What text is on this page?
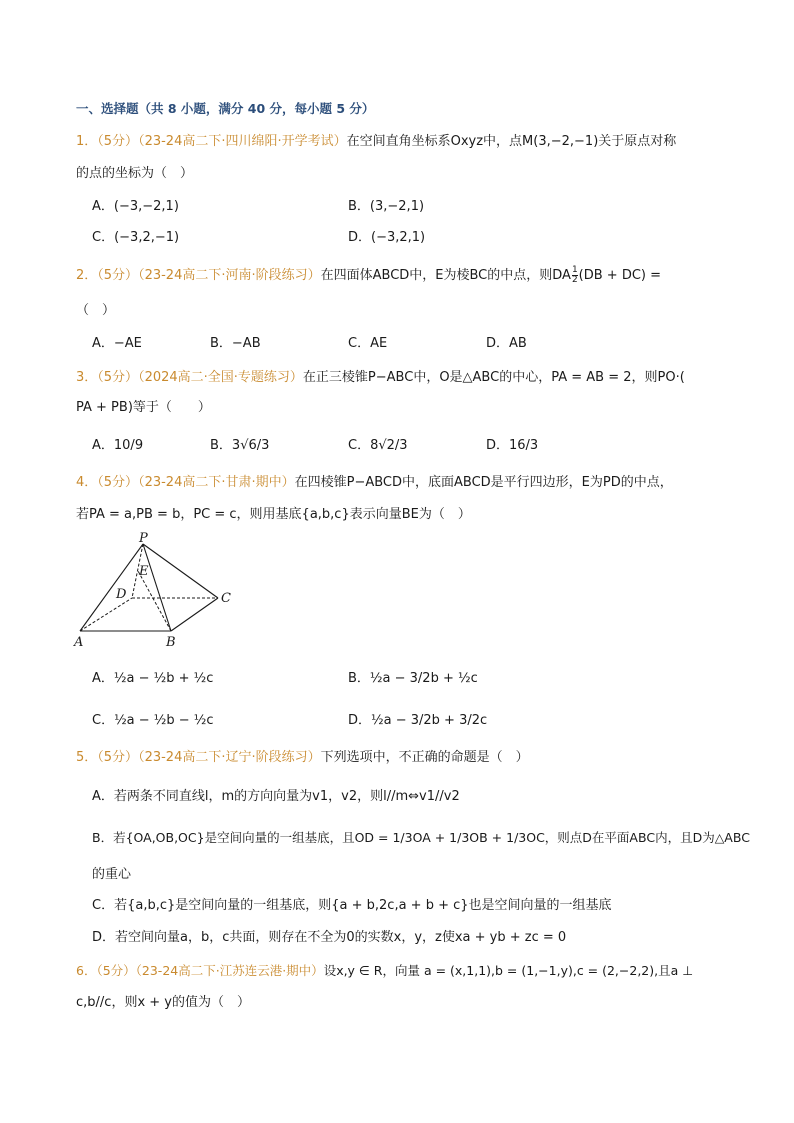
一、选择题（共 8 小题，满分 40 分，每小题 5 分）
1．（5分）（23-24高二下·四川绵阳·开学考试）在空间直角坐标系Oxyz中，点M(3,−2,−1)关于原点对称
的点的坐标为（　）
A．(−3,−2,1)	B．(3,−2,1)
C．(−3,2,−1)	D．(−3,2,1)
2．（5分）（23-24高二下·河南·阶段练习）在四面体ABCD中，E为棱BC的中点，则DA $\frac{1}{2} (DB + DC)$ =
（　）
A．−AE	B．−AB	C．AE	D．AB
3．（5分）（2024高二·全国·专题练习）在正三棱锥P−ABC中，O是△ABC的中心，PA = AB = 2，则PO·(
PA + PB)等于（　　）
A．10/9	B．3√6/3	C．8√2/3	D．16/3
4．（5分）（23-24高二下·甘肃·期中）在四棱锥P−ABCD中，底面ABCD是平行四边形，E为PD的中点，
若PA = a,PB = b，PC = c，则用基底{a,b,c}表示向量BE为（　）
P
E
D	C
A	B
A．½a − ½b + ½c	B．½a − 3/2b + ½c
C．½a − ½b − ½c	D．½a − 3/2b + 3/2c
5．（5分）（23-24高二下·辽宁·阶段练习）下列选项中，不正确的命题是（　）
A．若两条不同直线l，m的方向向量为v1，v2，则l//m⇔v1//v2
B．若{OA,OB,OC}是空间向量的一组基底，且OD = 1/3OA + 1/3OB + 1/3OC，则点D在平面ABC内，且D为△ABC
的重心
C．若{a,b,c}是空间向量的一组基底，则{a + b,2c,a + b + c}也是空间向量的一组基底
D．若空间向量a，b，c共面，则存在不全为0的实数x，y，z使xa + yb + zc = 0
6．（5分）（23-24高二下·江苏连云港·期中）设x,y ∈ R，向量 a = (x,1,1),b = (1,−1,y),c = (2,−2,2),且a ⊥
c,b//c，则x + y的值为（　）
